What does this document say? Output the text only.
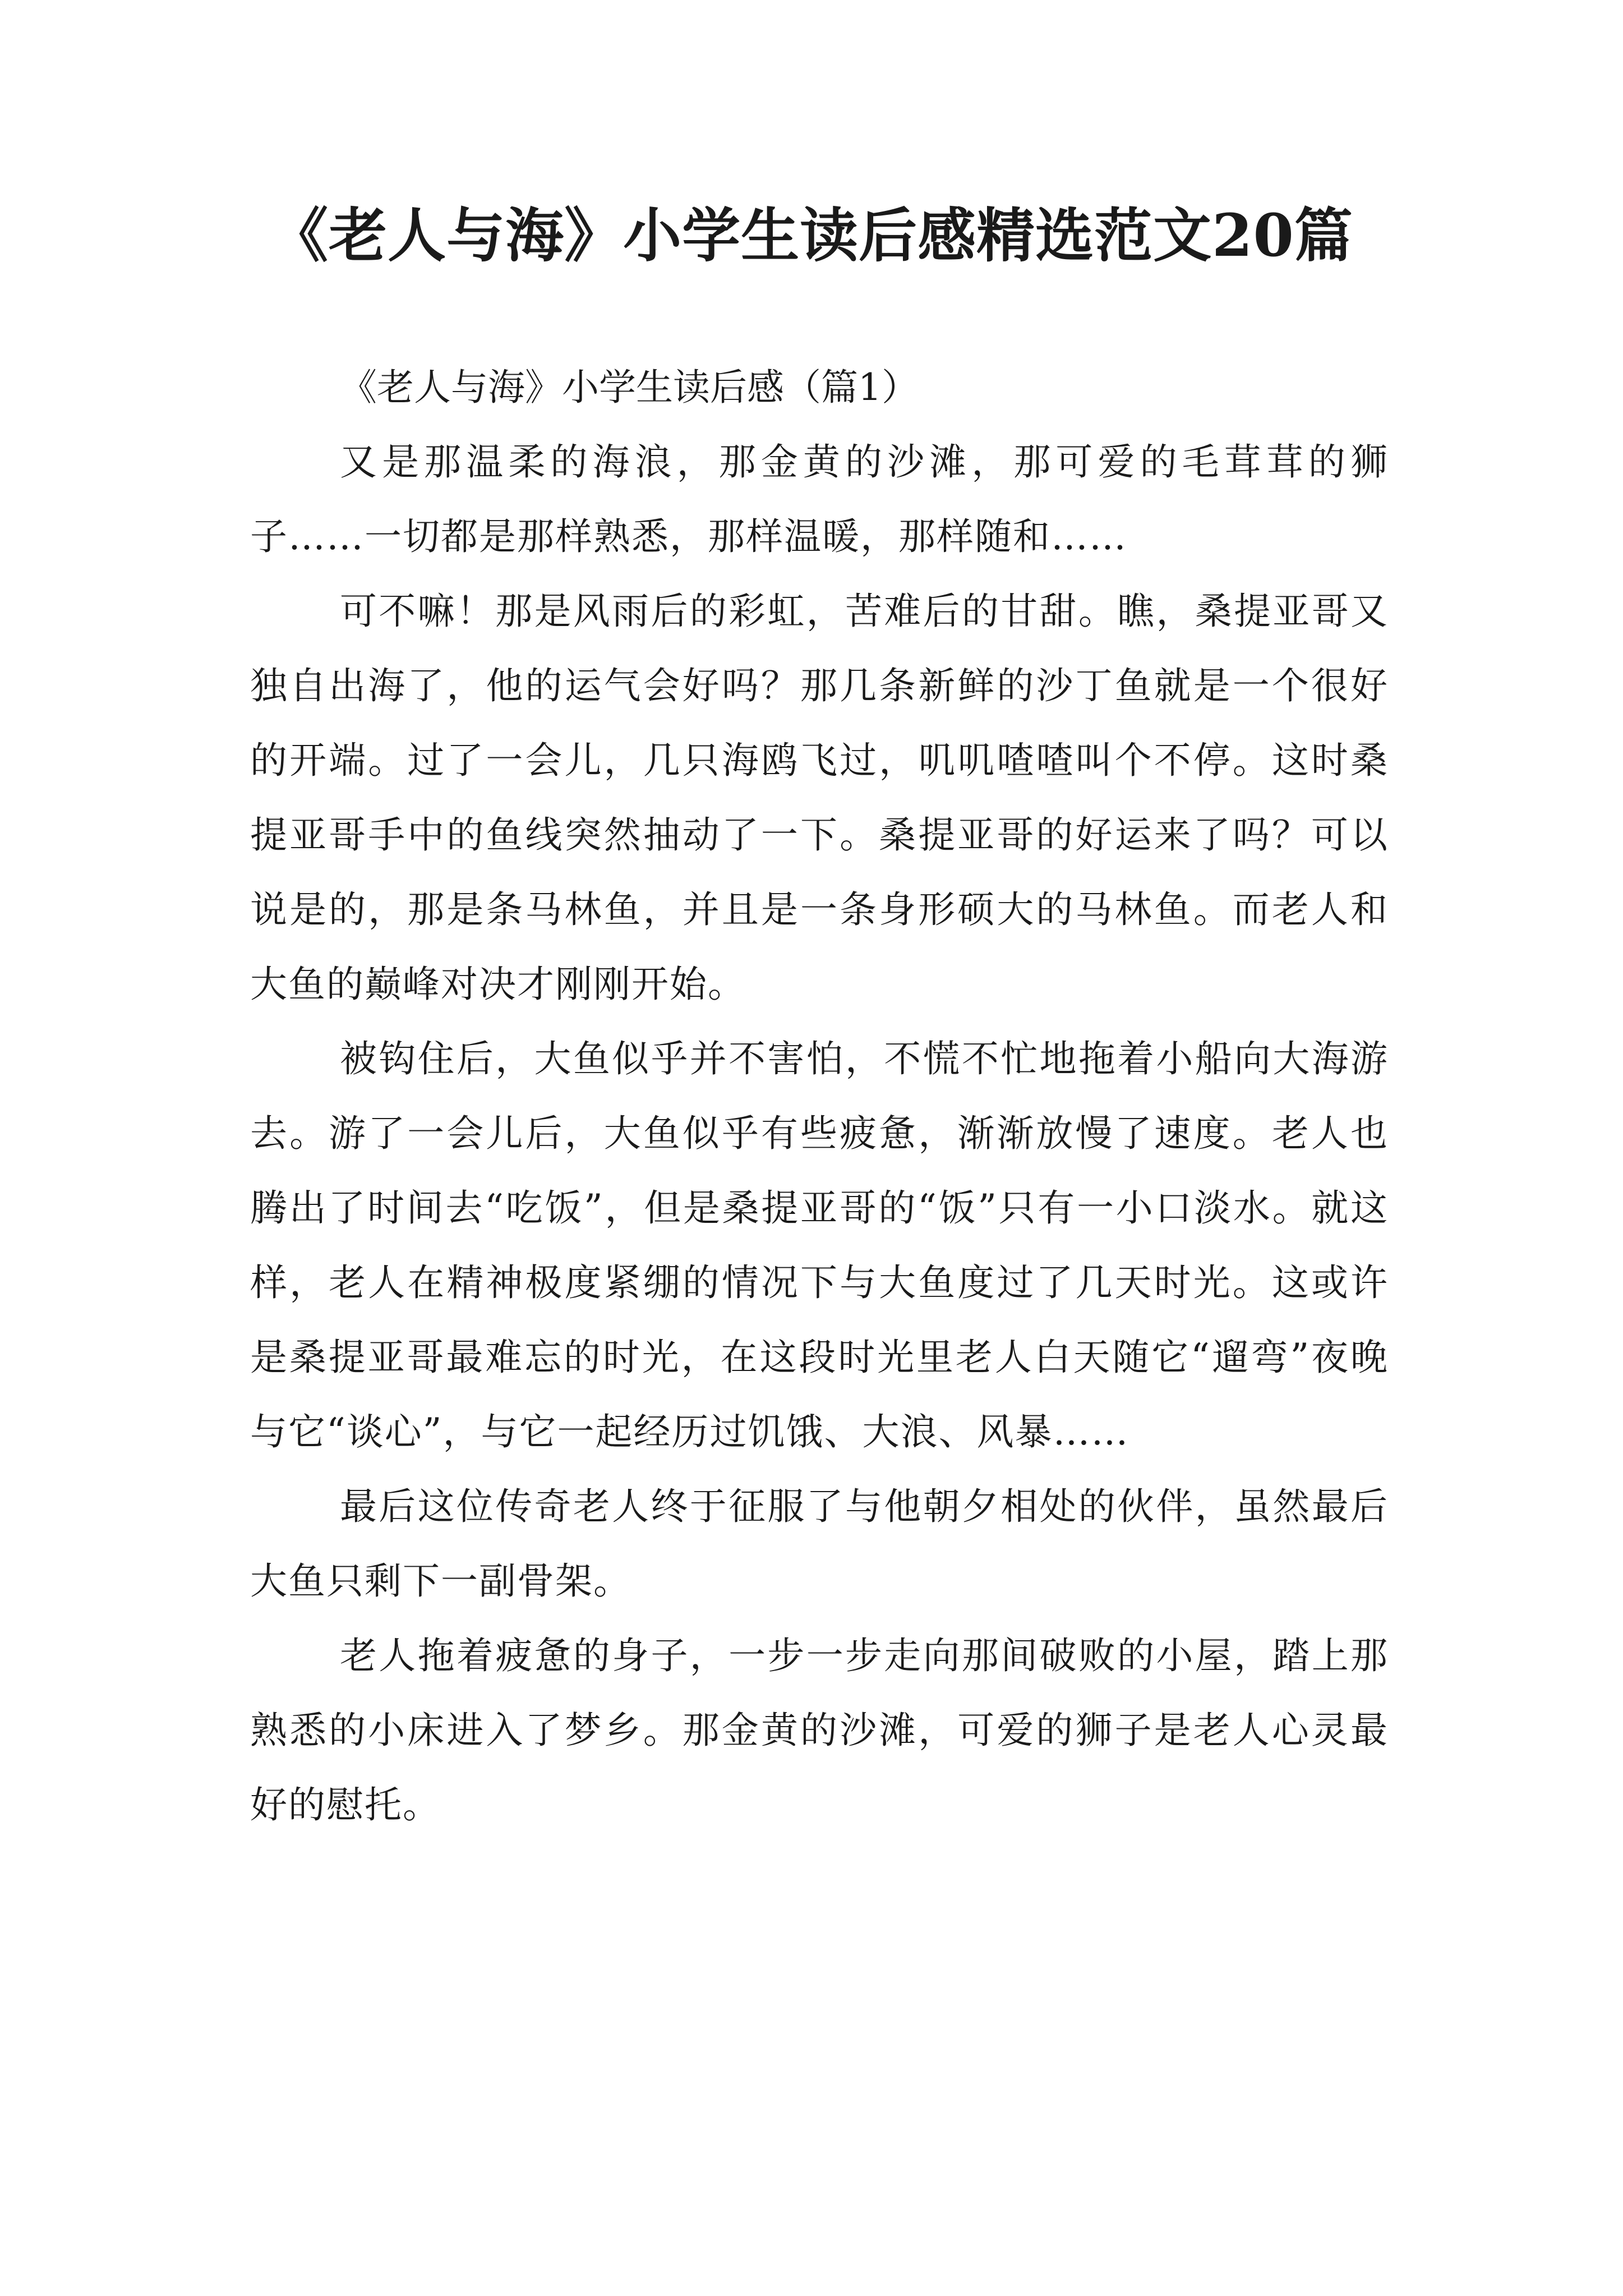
《老人与海》小学生读后感精选范文20篇
《老人与海》小学生读后感（篇1）

又是那温柔的海浪，那金黄的沙滩，那可爱的毛茸茸的狮子……一切都是那样熟悉，那样温暖，那样随和……

可不嘛！那是风雨后的彩虹，苦难后的甘甜。瞧，桑提亚哥又独自出海了，他的运气会好吗？那几条新鲜的沙丁鱼就是一个很好的开端。过了一会儿，几只海鸥飞过，叽叽喳喳叫个不停。这时桑提亚哥手中的鱼线突然抽动了一下。桑提亚哥的好运来了吗？可以说是的，那是条马林鱼，并且是一条身形硕大的马林鱼。而老人和大鱼的巅峰对决才刚刚开始。

被钩住后，大鱼似乎并不害怕，不慌不忙地拖着小船向大海游去。游了一会儿后，大鱼似乎有些疲惫，渐渐放慢了速度。老人也腾出了时间去“吃饭”，但是桑提亚哥的“饭”只有一小口淡水。就这样，老人在精神极度紧绷的情况下与大鱼度过了几天时光。这或许是桑提亚哥最难忘的时光，在这段时光里老人白天随它“遛弯”夜晚与它“谈心”，与它一起经历过饥饿、大浪、风暴……

最后这位传奇老人终于征服了与他朝夕相处的伙伴，虽然最后大鱼只剩下一副骨架。

老人拖着疲惫的身子，一步一步走向那间破败的小屋，踏上那熟悉的小床进入了梦乡。那金黄的沙滩，可爱的狮子是老人心灵最好的慰托。
